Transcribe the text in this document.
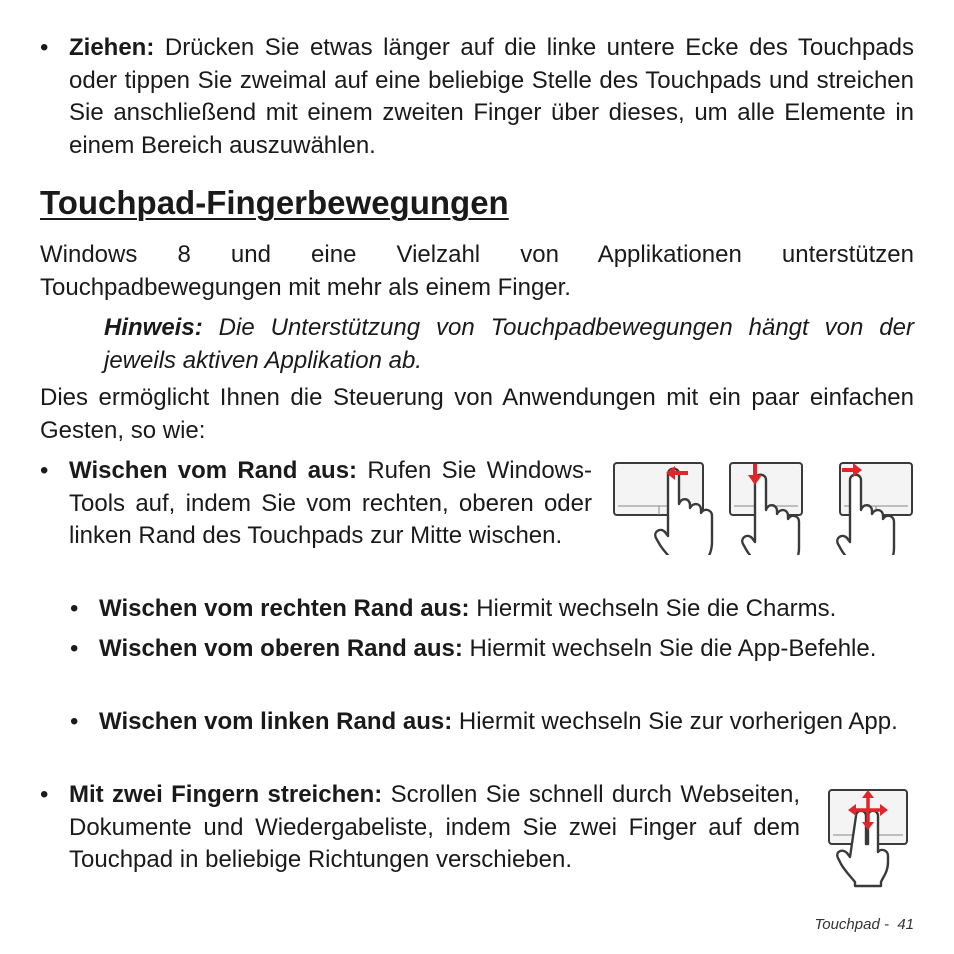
• Ziehen: Drücken Sie etwas länger auf die linke untere Ecke des Touchpads oder tippen Sie zweimal auf eine beliebige Stelle des Touchpads und streichen Sie anschließend mit einem zweiten Finger über dieses, um alle Elemente in einem Bereich auszuwählen.
Touchpad-Fingerbewegungen
Windows 8 und eine Vielzahl von Applikationen unterstützen Touchpadbewegungen mit mehr als einem Finger.
Hinweis: Die Unterstützung von Touchpadbewegungen hängt von der jeweils aktiven Applikation ab.
Dies ermöglicht Ihnen die Steuerung von Anwendungen mit ein paar einfachen Gesten, so wie:
• Wischen vom Rand aus: Rufen Sie Windows-Tools auf, indem Sie vom rechten, oberen oder linken Rand des Touchpads zur Mitte wischen.
• Wischen vom rechten Rand aus: Hiermit wechseln Sie die Charms.
• Wischen vom oberen Rand aus: Hiermit wechseln Sie die App-Befehle.
• Wischen vom linken Rand aus: Hiermit wechseln Sie zur vorherigen App.
• Mit zwei Fingern streichen: Scrollen Sie schnell durch Webseiten, Dokumente und Wiedergabeliste, indem Sie zwei Finger auf dem Touchpad in beliebige Richtungen verschieben.
Touchpad - 41
